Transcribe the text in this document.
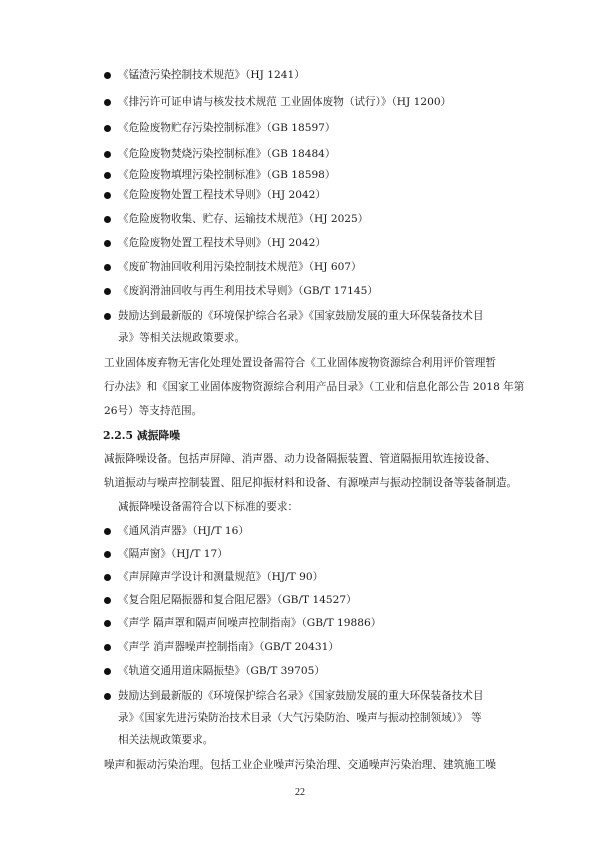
《锰渣污染控制技术规范》（HJ 1241）
《排污许可证申请与核发技术规范 工业固体废物（试行）》（HJ 1200）
《危险废物贮存污染控制标准》（GB 18597）
《危险废物焚烧污染控制标准》（GB 18484）
《危险废物填埋污染控制标准》（GB 18598）
《危险废物处置工程技术导则》（HJ 2042）
《危险废物收集、贮存、运输技术规范》（HJ 2025）
《危险废物处置工程技术导则》（HJ 2042）
《废矿物油回收利用污染控制技术规范》（HJ 607）
《废润滑油回收与再生利用技术导则》（GB/T 17145）
鼓励达到最新版的《环境保护综合名录》《国家鼓励发展的重大环保装备技术目
录》等相关法规政策要求。
工业固体废弃物无害化处理处置设备需符合《工业固体废物资源综合利用评价管理暂
行办法》和《国家工业固体废物资源综合利用产品目录》（工业和信息化部公告 2018 年第
26号）等支持范围。
2.2.5 减振降噪
减振降噪设备。包括声屏障、消声器、动力设备隔振装置、管道隔振用软连接设备、
轨道振动与噪声控制装置、阻尼抑振材料和设备、有源噪声与振动控制设备等装备制造。
减振降噪设备需符合以下标准的要求：
《通风消声器》（HJ/T 16）
《隔声窗》（HJ/T 17）
《声屏障声学设计和测量规范》（HJ/T 90）
《复合阻尼隔振器和复合阻尼器》（GB/T 14527）
《声学 隔声罩和隔声间噪声控制指南》（GB/T 19886）
《声学 消声器噪声控制指南》（GB/T 20431）
《轨道交通用道床隔振垫》（GB/T 39705）
鼓励达到最新版的《环境保护综合名录》《国家鼓励发展的重大环保装备技术目
录》《国家先进污染防治技术目录（大气污染防治、噪声与振动控制领域）》 等
相关法规政策要求。
噪声和振动污染治理。包括工业企业噪声污染治理、交通噪声污染治理、建筑施工噪
22
